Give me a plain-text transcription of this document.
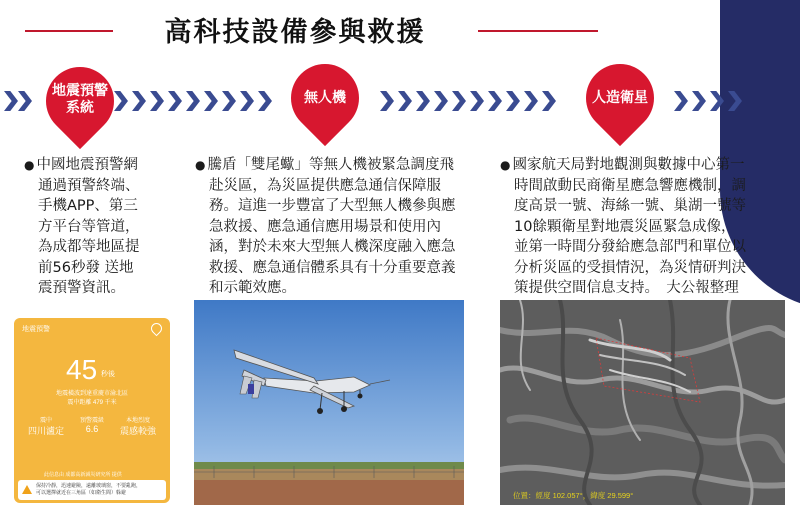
高科技設備參與救援
地震預警
系統
無人機	人造衛星
● 中國地震預警網
通過預警終端、
手機APP、第三
方平台等管道，
為成都等地區提
前56秒發 送地
震預警資訊。
● 騰盾「雙尾蠍」等無人機被緊急調度飛
赴災區，為災區提供應急通信保障服
務。這進一步豐富了大型無人機參與應
急救援、應急通信應用場景和使用內
涵，對於未來大型無人機深度融入應急
救援、應急通信體系具有十分重要意義
和示範效應。
● 國家航天局對地觀測與數據中心第一
時間啟動民商衛星應急響應機制，調
度高景一號、海絲一號、巢湖一號等
10餘顆衛星對地震災區緊急成像，
並第一時間分發給應急部門和單位以
分析災區的受損情況，為災情研判決
策提供空間信息支持。　大公報整理
地震預警
45 秒後
地震橫波到達重慶市渝北區
震中距離 479 千米
震中	預警震級	本地烈度
四川瀘定	6.6	震感較強
此信息由 成都高新減災研究所 提供
保持冷靜，迅速避險，遠離玻璃窗，不要亂跑，
可以選擇就近在三角區（如衛生間）躲避	位置：經度 102.057°，緯度 29.599°
